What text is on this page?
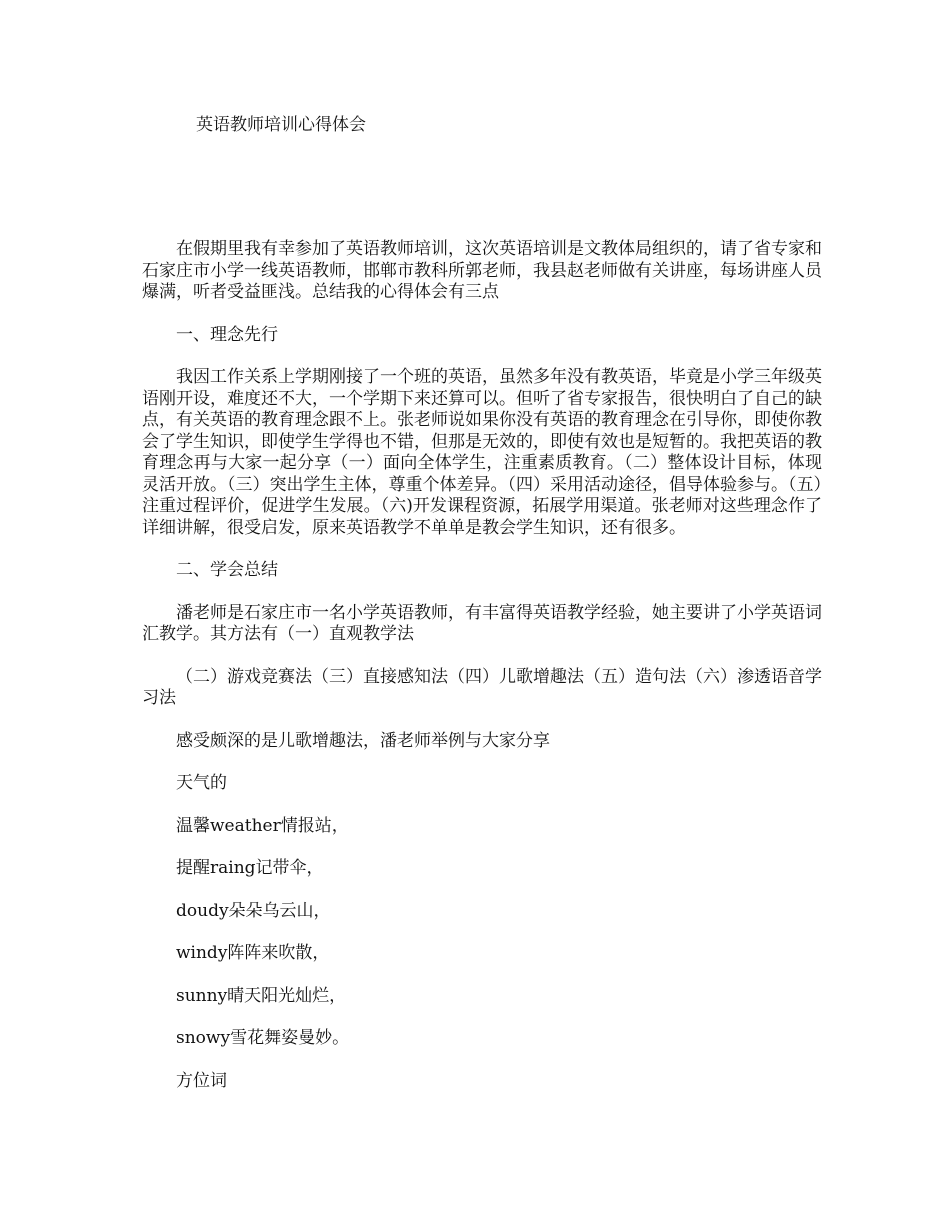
英语教师培训心得体会

在假期里我有幸参加了英语教师培训，这次英语培训是文教体局组织的，请了省专家和石家庄市小学一线英语教师，邯郸市教科所郭老师，我县赵老师做有关讲座，每场讲座人员爆满，听者受益匪浅。总结我的心得体会有三点

一、理念先行

我因工作关系上学期刚接了一个班的英语，虽然多年没有教英语，毕竟是小学三年级英语刚开设，难度还不大，一个学期下来还算可以。但听了省专家报告，很快明白了自己的缺点，有关英语的教育理念跟不上。张老师说如果你没有英语的教育理念在引导你，即使你教会了学生知识，即使学生学得也不错，但那是无效的，即使有效也是短暂的。我把英语的教育理念再与大家一起分享（一）面向全体学生，注重素质教育。（二）整体设计目标，体现灵活开放。（三）突出学生主体，尊重个体差异。（四）采用活动途径，倡导体验参与。（五）注重过程评价，促进学生发展。（六)开发课程资源，拓展学用渠道。张老师对这些理念作了详细讲解，很受启发，原来英语教学不单单是教会学生知识，还有很多。

二、学会总结

潘老师是石家庄市一名小学英语教师，有丰富得英语教学经验，她主要讲了小学英语词汇教学。其方法有（一）直观教学法

（二）游戏竞赛法（三）直接感知法（四）儿歌增趣法（五）造句法（六）渗透语音学习法

感受颇深的是儿歌增趣法，潘老师举例与大家分享
天气的
温馨weather情报站，
提醒raing记带伞，
doudy朵朵乌云山，
windy阵阵来吹散，
sunny晴天阳光灿烂，
snowy雪花舞姿曼妙。
方位词
